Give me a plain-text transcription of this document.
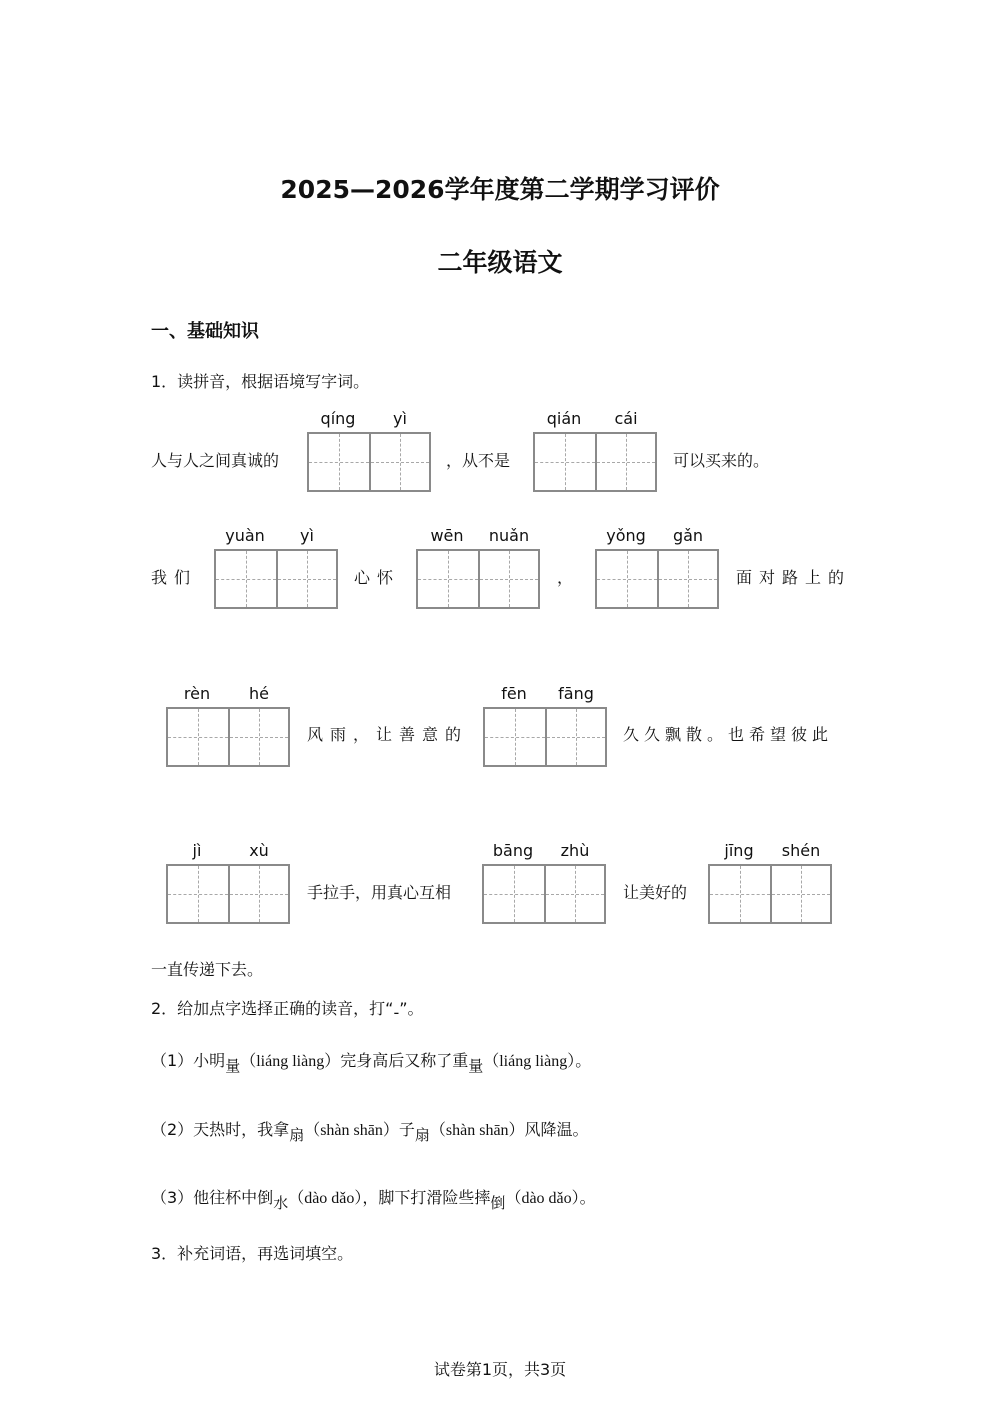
2025—2026学年度第二学期学习评价
二年级语文
一、基础知识
1．读拼音，根据语境写字词。
人与人之间真诚的
qíng	yì
，从不是
qián	cái
可以买来的。
我们
yuàn	yì
心怀
wēn	nuǎn
，
yǒng	gǎn
面对路上的
rèn	hé
风雨，让善意的
fēn	fāng
久久飘散。也希望彼此
jì	xù
手拉手，用真心互相
bāng	zhù
让美好的
jīng	shén
一直传递下去。
2．给加点字选择正确的读音，打“-”。
（1）小明量（liáng liàng）完身高后又称了重量（liáng liàng）。
（2）天热时，我拿扇（shàn shān）子扇（shàn shān）风降温。
（3）他往杯中倒水（dào dǎo），脚下打滑险些摔倒（dào dǎo）。
3．补充词语，再选词填空。
试卷第1页，共3页
